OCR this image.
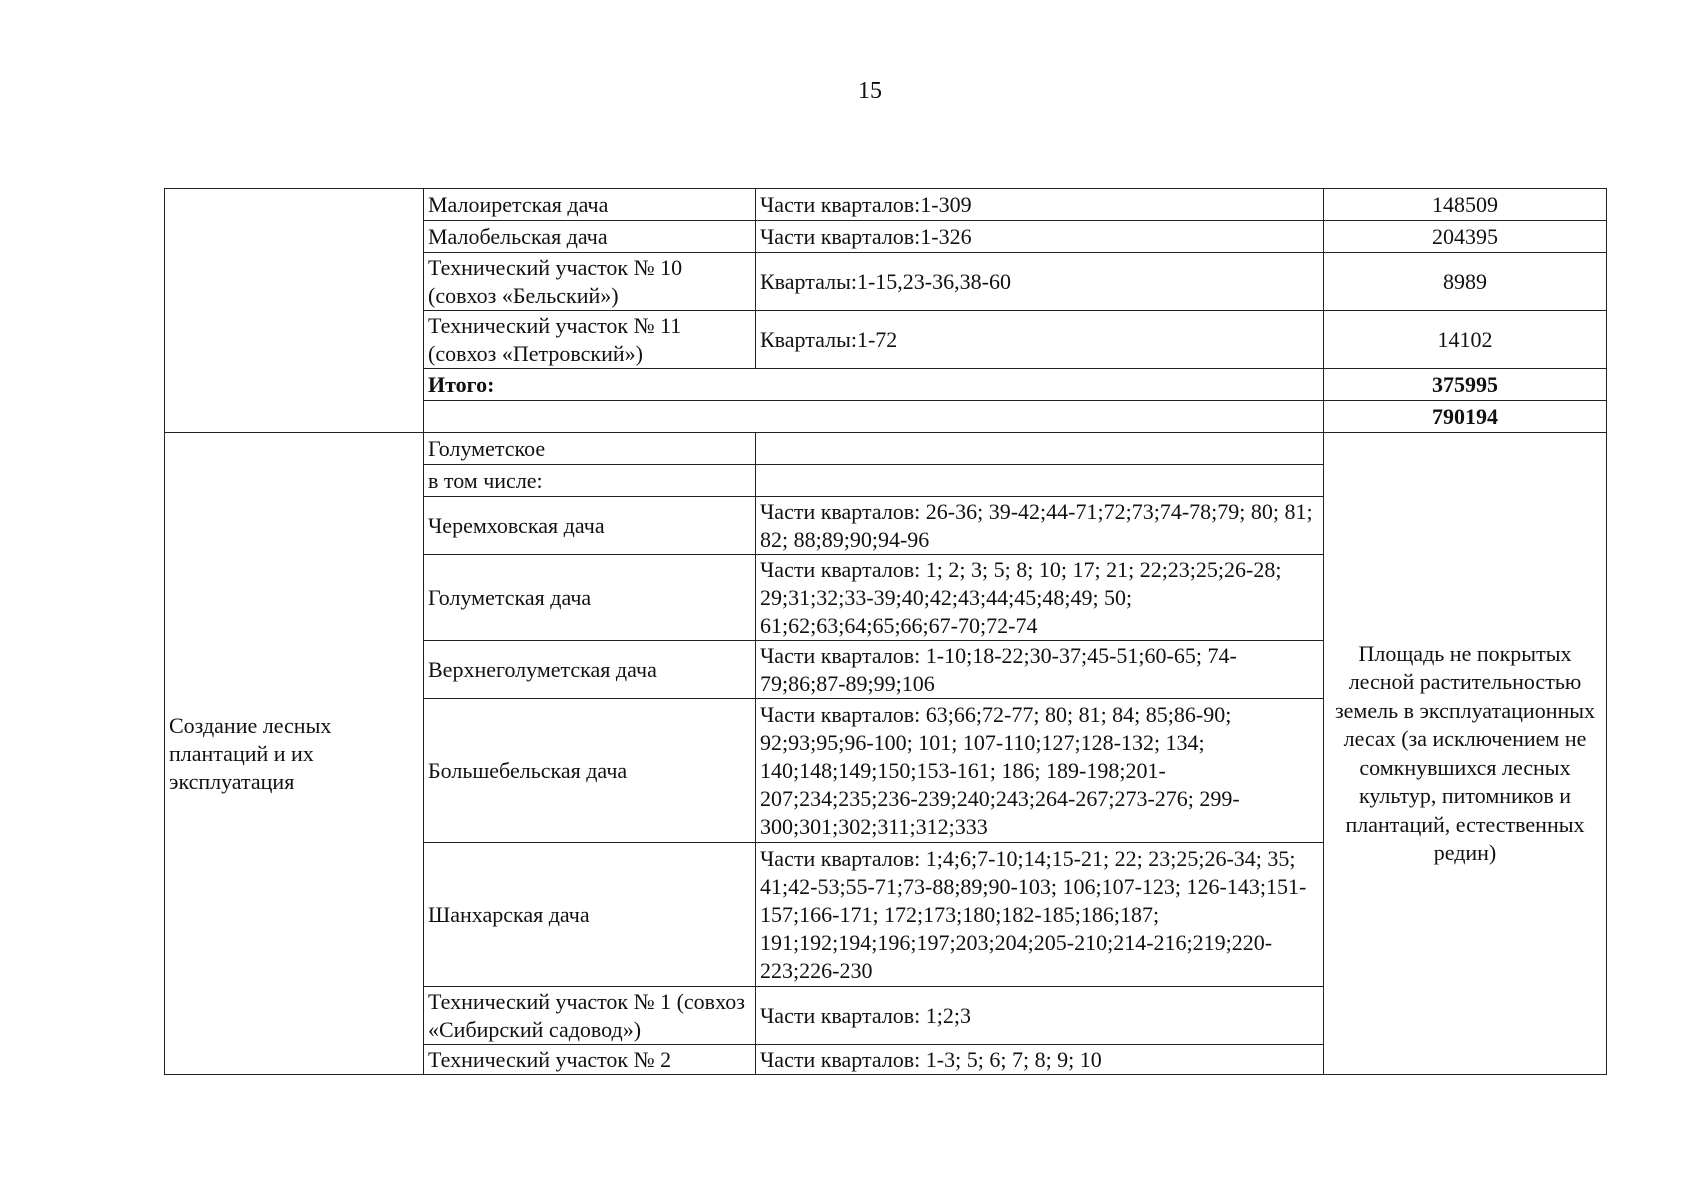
15
	Малоиретская дача	Части кварталов:1-309	148509
	Малобельская дача	Части кварталов:1-326	204395
	Технический участок № 10 (совхоз «Бельский»)	Кварталы:1-15,23-36,38-60	8989
	Технический участок № 11 (совхоз «Петровский»)	Кварталы:1-72	14102
	Итого:		375995
			790194
Создание лесных плантаций и их эксплуатация	Голуметское		Площадь не покрытых лесной растительностью земель в эксплуатационных лесах (за исключением не сомкнувшихся лесных культур, питомников и плантаций, естественных редин)
	в том числе:		
	Черемховская дача	Части кварталов: 26-36; 39-42;44-71;72;73;74-78;79; 80; 81; 82; 88;89;90;94-96	
	Голуметская дача	Части кварталов: 1; 2; 3; 5; 8; 10; 17; 21; 22;23;25;26-28; 29;31;32;33-39;40;42;43;44;45;48;49; 50; 61;62;63;64;65;66;67-70;72-74	
	Верхнеголуметская дача	Части кварталов: 1-10;18-22;30-37;45-51;60-65; 74-79;86;87-89;99;106	
	Большебельская дача	Части кварталов: 63;66;72-77; 80; 81; 84; 85;86-90; 92;93;95;96-100; 101; 107-110;127;128-132; 134; 140;148;149;150;153-161; 186; 189-198;201-207;234;235;236-239;240;243;264-267;273-276; 299-300;301;302;311;312;333	
	Шанхарская дача	Части кварталов: 1;4;6;7-10;14;15-21; 22; 23;25;26-34; 35; 41;42-53;55-71;73-88;89;90-103; 106;107-123; 126-143;151-157;166-171; 172;173;180;182-185;186;187; 191;192;194;196;197;203;204;205-210;214-216;219;220-223;226-230	
	Технический участок № 1 (совхоз «Сибирский садовод»)	Части кварталов: 1;2;3	
	Технический участок № 2	Части кварталов: 1-3; 5; 6; 7; 8; 9; 10	
